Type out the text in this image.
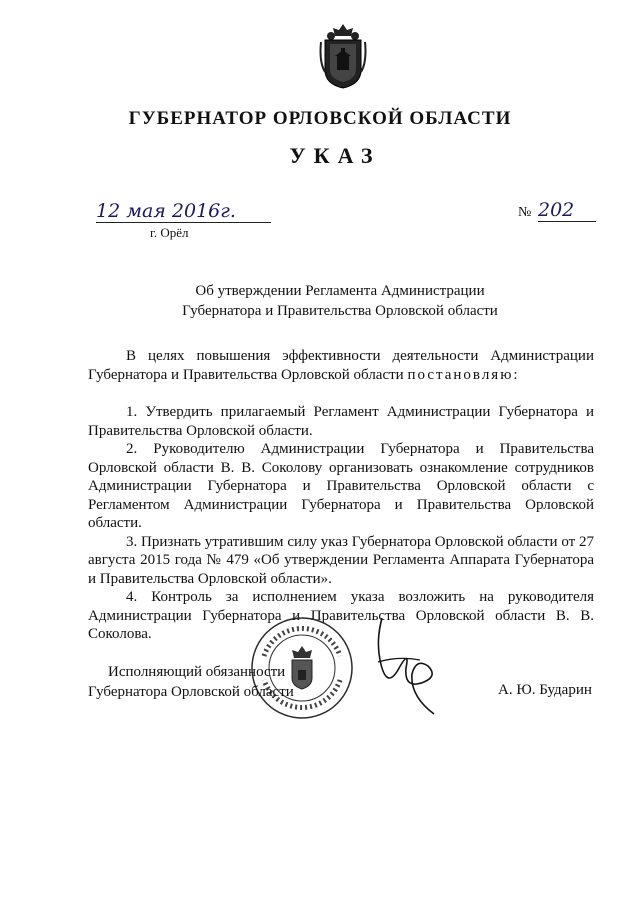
ГУБЕРНАТОР ОРЛОВСКОЙ ОБЛАСТИ
УКАЗ
12 мая 2016г.
г. Орёл
№ 202
Об утверждении Регламента Администрации
Губернатора и Правительства Орловской области

В целях повышения эффективности деятельности Администрации Губернатора и Правительства Орловской области постановляю:

1. Утвердить прилагаемый Регламент Администрации Губернатора и Правительства Орловской области.

2. Руководителю Администрации Губернатора и Правительства Орловской области В. В. Соколову организовать ознакомление сотрудников Администрации Губернатора и Правительства Орловской области с Регламентом Администрации Губернатора и Правительства Орловской области.

3. Признать утратившим силу указ Губернатора Орловской области от 27 августа 2015 года № 479 «Об утверждении Регламента Аппарата Губернатора и Правительства Орловской области».

4. Контроль за исполнением указа возложить на руководителя Администрации Губернатора и Правительства Орловской области В. В. Соколова.

Исполняющий обязанности
Губернатора Орловской области	А. Ю. Бударин
